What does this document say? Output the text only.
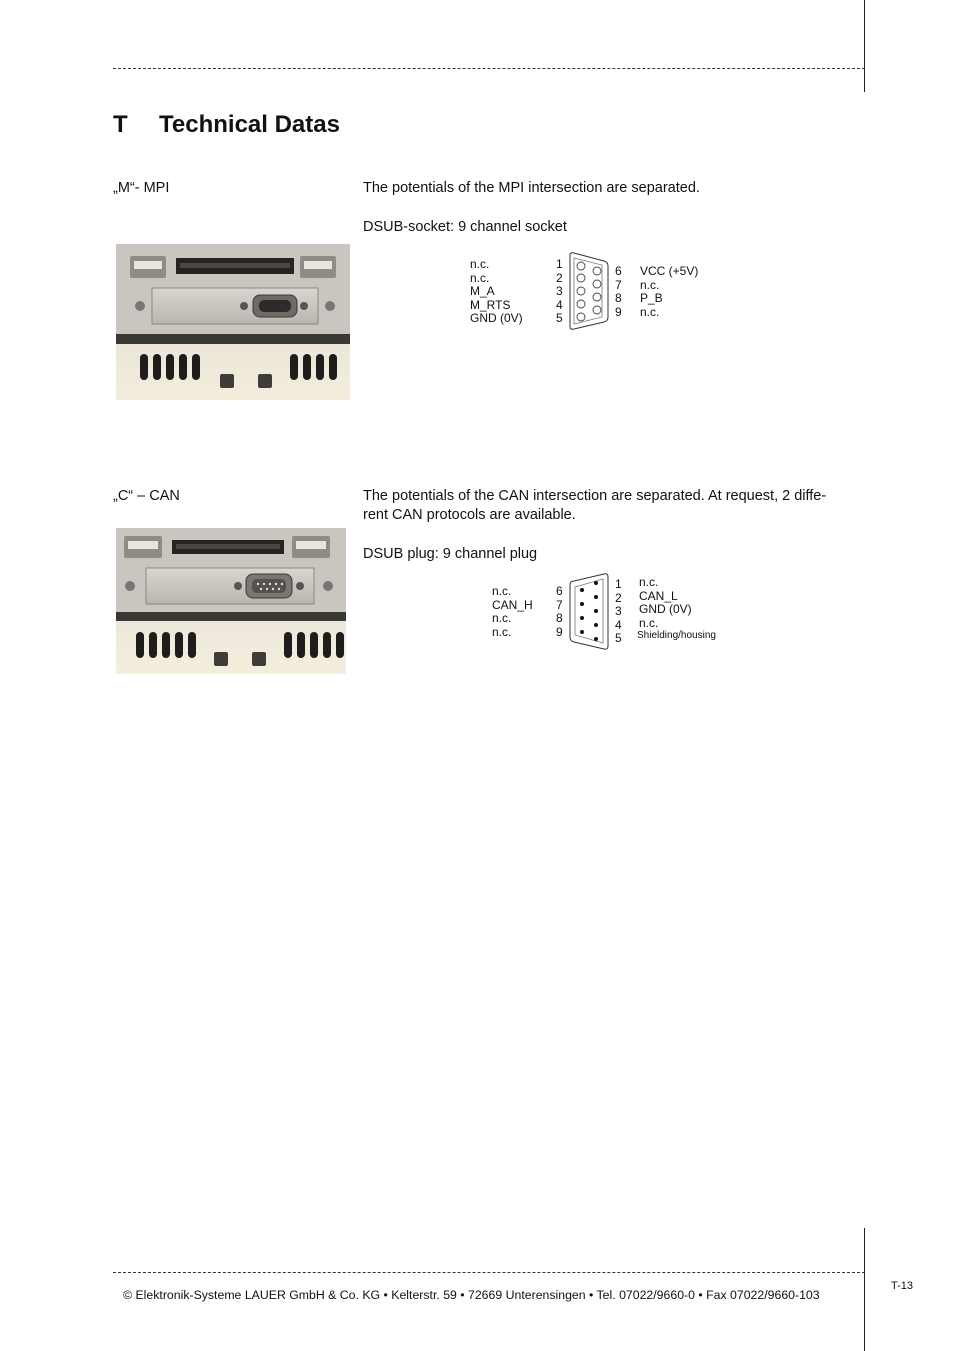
T Technical Datas
„M“- MPI	The potentials of the MPI intersection are separated.
DSUB-socket: 9 channel socket
n.c.
n.c.
M_A
M_RTS
GND (0V)
1
2
3
4
5
6
7
8
9
VCC (+5V)
n.c.
P_B
n.c.
„C“ – CAN	The potentials of the CAN intersection are separated. At request, 2 diffe-
rent CAN protocols are available.
DSUB plug: 9 channel plug
n.c.
CAN_H
n.c.
n.c.
6
7
8
9
1
2
3
4
5
n.c.
CAN_L
GND (0V)
n.c.
Shielding/housing
© Elektronik-Systeme LAUER GmbH & Co. KG • Kelterstr. 59 • 72669 Unterensingen • Tel. 07022/9660-0 • Fax 07022/9660-103
T-13
